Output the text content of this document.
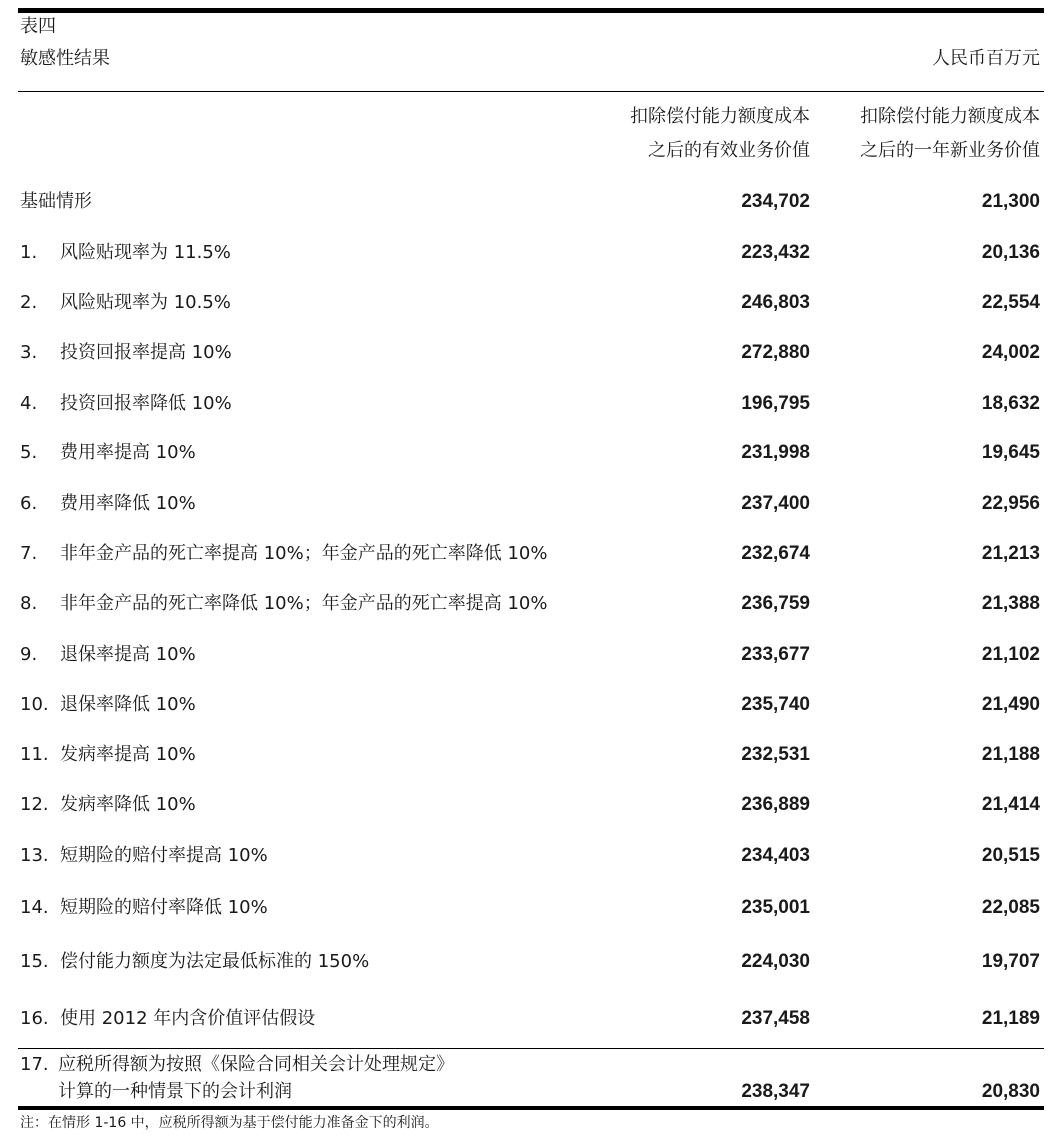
表四
敏感性结果	人民币百万元
扣除偿付能力额度成本
之后的有效业务价值
扣除偿付能力额度成本
之后的一年新业务价值
基础情形	234,702	21,300
1.	风险贴现率为 11.5%	223,432	20,136
2.	风险贴现率为 10.5%	246,803	22,554
3.	投资回报率提高 10%	272,880	24,002
4.	投资回报率降低 10%	196,795	18,632
5.	费用率提高 10%	231,998	19,645
6.	费用率降低 10%	237,400	22,956
7.	非年金产品的死亡率提高 10%；年金产品的死亡率降低 10%	232,674	21,213
8.	非年金产品的死亡率降低 10%；年金产品的死亡率提高 10%	236,759	21,388
9.	退保率提高 10%	233,677	21,102
10. 退保率降低 10%	235,740	21,490
11. 发病率提高 10%	232,531	21,188
12. 发病率降低 10%	236,889	21,414
13. 短期险的赔付率提高 10%	234,403	20,515
14. 短期险的赔付率降低 10%	235,001	22,085
15. 偿付能力额度为法定最低标准的 150%	224,030	19,707
16. 使用 2012 年内含价值评估假设	237,458	21,189
17. 应税所得额为按照《保险合同相关会计处理规定》
计算的一种情景下的会计利润	238,347	20,830
注：在情形 1-16 中，应税所得额为基于偿付能力准备金下的利润。
